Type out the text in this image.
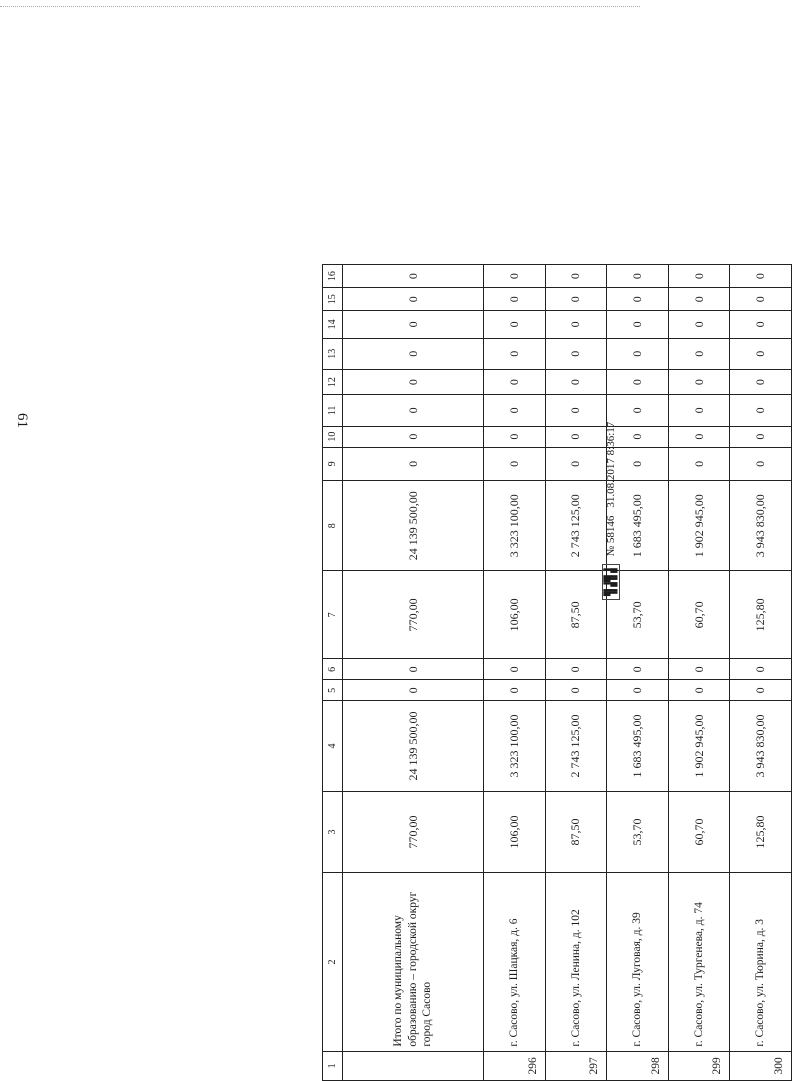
61
1	2	3	4	5	6	7	8	9	10	11	12	13	14	15	16
	Итого по муниципальному образованию – городской округ город Сасово	770,00	24 139 500,00	0	0	770,00	24 139 500,00	0	0	0	0	0	0	0	0
296	г. Сасово, ул. Шацкая, д. 6	106,00	3 323 100,00	0	0	106,00	3 323 100,00	0	0	0	0	0	0	0	0
297	г. Сасово, ул. Ленина, д. 102	87,50	2 743 125,00	0	0	87,50	2 743 125,00	0	0	0	0	0	0	0	0
298	г. Сасово, ул. Луговая, д. 39	53,70	1 683 495,00	0	0	53,70	1 683 495,00	0	0	0	0	0	0	0	0
299	г. Сасово, ул. Тургенева, д. 74	60,70	1 902 945,00	0	0	60,70	1 902 945,00	0	0	0	0	0	0	0	0
300	г. Сасово, ул. Тюрина, д. 3	125,80	3 943 830,00	0	0	125,80	3 943 830,00	0	0	0	0	0	0	0	0
█▌▐█▌▐ ▐▌█▐▌█
№ 58146
31.08.2017 8:36:17
